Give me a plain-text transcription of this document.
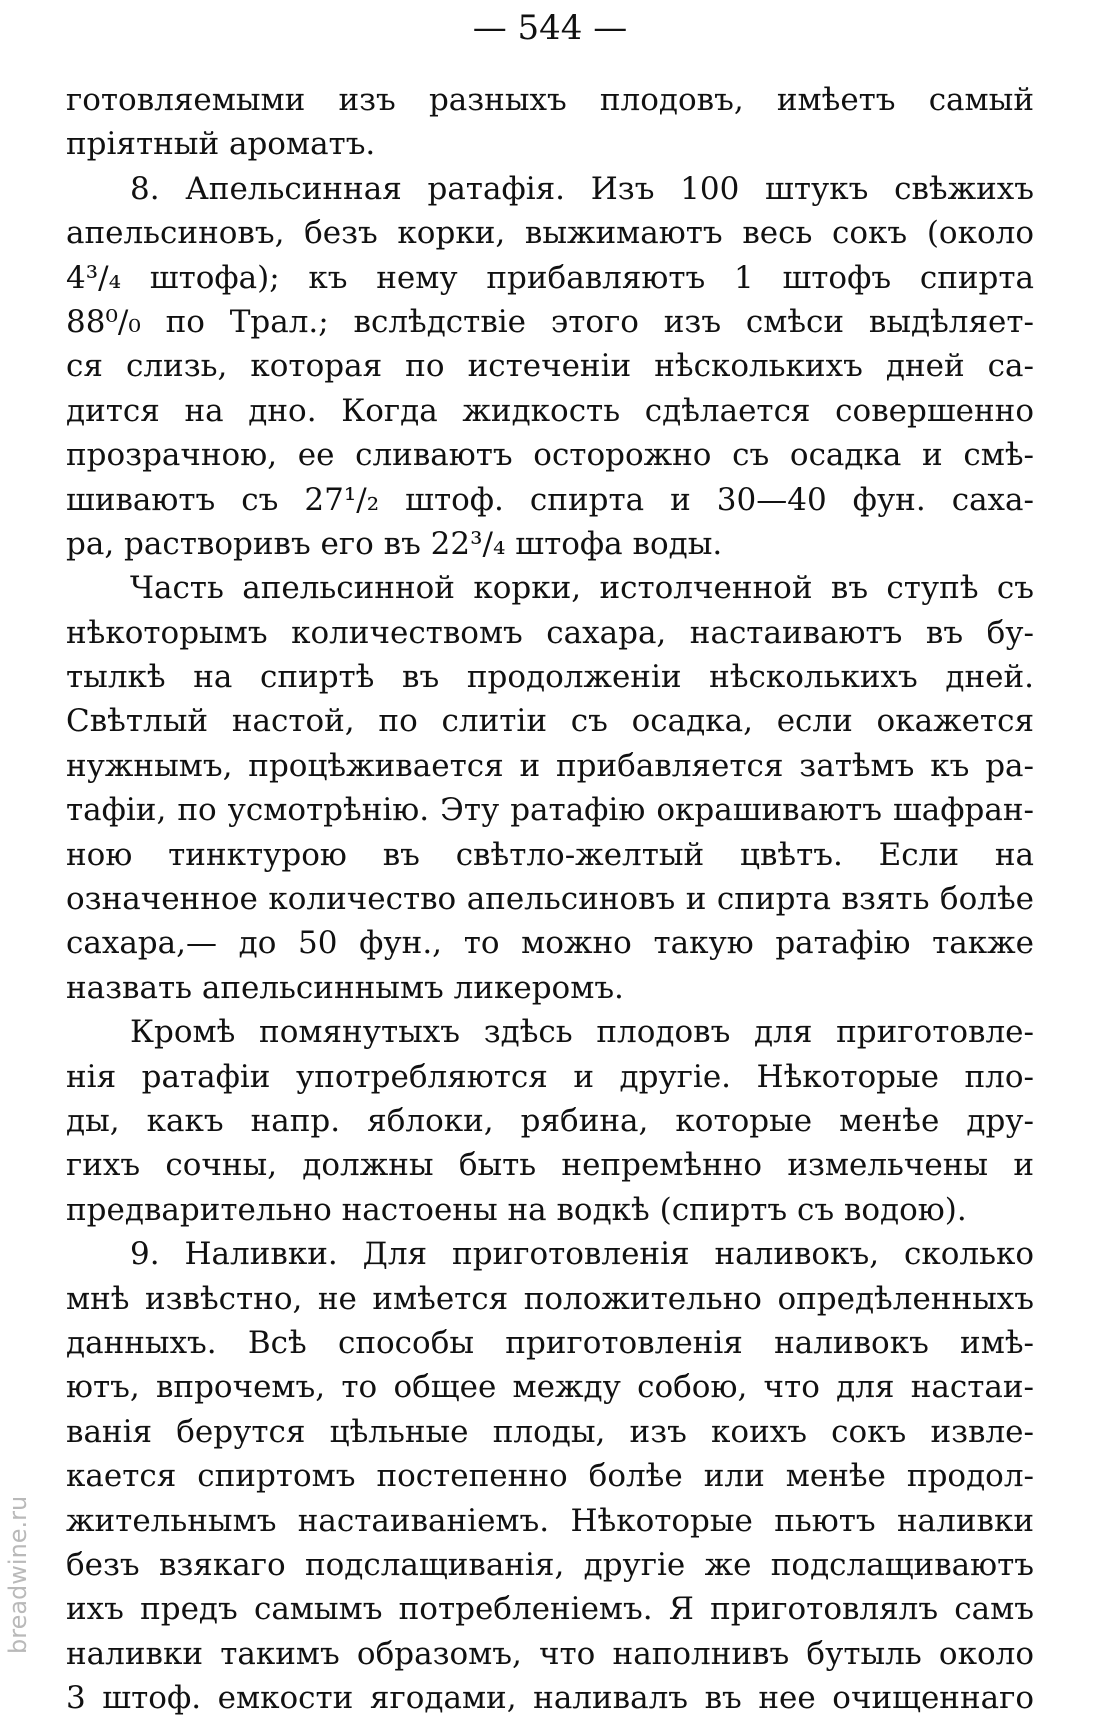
— 544 —
готовляемыми изъ разныхъ плодовъ, имѣетъ самый
пріятный ароматъ.
8. Апельсинная ратафія. Изъ 100 штукъ свѣжихъ
апельсиновъ, безъ корки, выжимаютъ весь сокъ (около
4³/₄ штофа); къ нему прибавляютъ 1 штофъ спирта
88⁰/₀ по Трал.; вслѣдствіе этого изъ смѣси выдѣляет-
ся слизь, которая по истеченіи нѣсколькихъ дней са-
дится на дно. Когда жидкость сдѣлается совершенно
прозрачною, ее сливаютъ осторожно съ осадка и смѣ-
шиваютъ съ 27¹/₂ штоф. спирта и 30—40 фун. саха-
ра, растворивъ его въ 22³/₄ штофа воды.
Часть апельсинной корки, истолченной въ ступѣ съ
нѣкоторымъ количествомъ сахара, настаиваютъ въ бу-
тылкѣ на спиртѣ въ продолженіи нѣсколькихъ дней.
Свѣтлый настой, по слитіи съ осадка, если окажется
нужнымъ, процѣживается и прибавляется затѣмъ къ ра-
тафіи, по усмотрѣнію. Эту ратафію окрашиваютъ шафран-
ною тинктурою въ свѣтло-желтый цвѣтъ. Если на
означенное количество апельсиновъ и спирта взять болѣе
сахара,— до 50 фун., то можно такую ратафію также
назвать апельсиннымъ ликеромъ.
Кромѣ помянутыхъ здѣсь плодовъ для приготовле-
нія ратафіи употребляются и другіе. Нѣкоторые пло-
ды, какъ напр. яблоки, рябина, которые менѣе дру-
гихъ сочны, должны быть непремѣнно измельчены и
предварительно настоены на водкѣ (спиртъ съ водою).
9. Наливки. Для приготовленія наливокъ, сколько
мнѣ извѣстно, не имѣется положительно опредѣленныхъ
данныхъ. Всѣ способы приготовленія наливокъ имѣ-
ютъ, впрочемъ, то общее между собою, что для настаи-
ванія берутся цѣльные плоды, изъ коихъ сокъ извле-
кается спиртомъ постепенно болѣе или менѣе продол-
жительнымъ настаиваніемъ. Нѣкоторые пьютъ наливки
безъ взякаго подслащиванія, другіе же подслащиваютъ
ихъ предъ самымъ потребленіемъ. Я приготовлялъ самъ
наливки такимъ образомъ, что наполнивъ бутыль около
3 штоф. емкости ягодами, наливалъ въ нее очищеннаго
breadwine.ru
